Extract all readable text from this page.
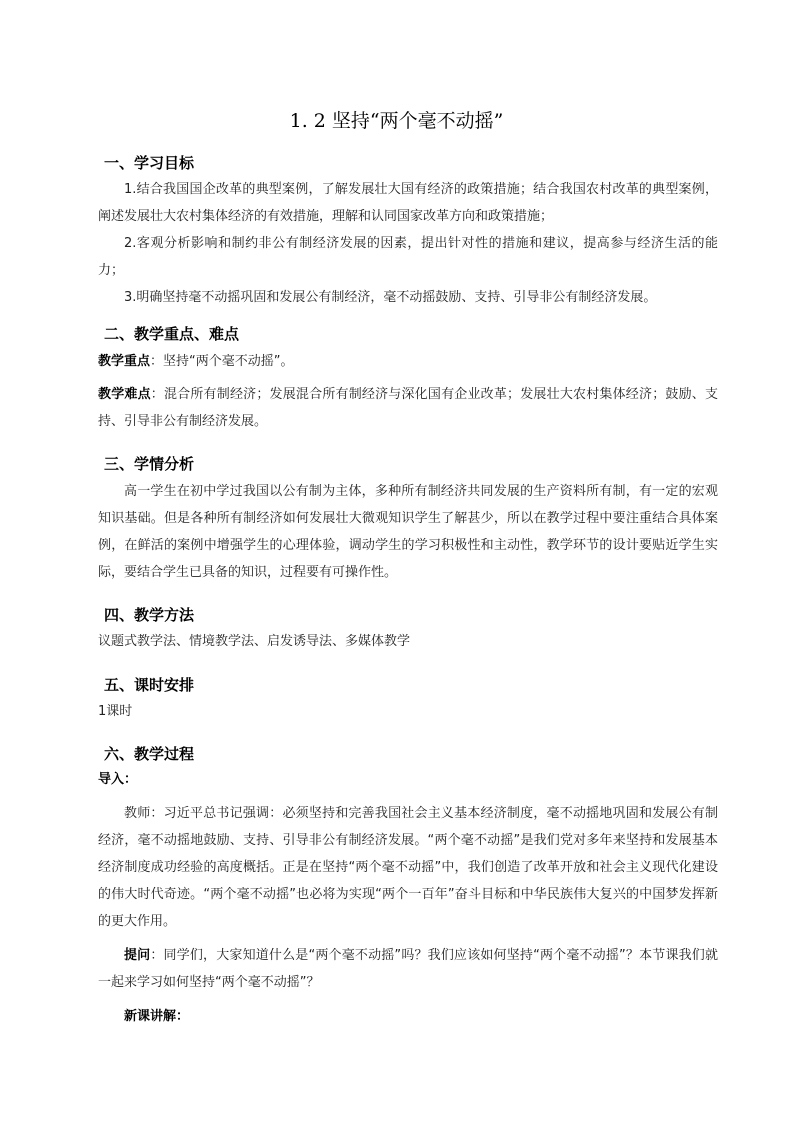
1. 2 坚持“两个毫不动摇”
一、学习目标
1.结合我国国企改革的典型案例，了解发展壮大国有经济的政策措施；结合我国农村改革的典型案例，阐述发展壮大农村集体经济的有效措施，理解和认同国家改革方向和政策措施；
2.客观分析影响和制约非公有制经济发展的因素，提出针对性的措施和建议，提高参与经济生活的能力；
3.明确坚持毫不动摇巩固和发展公有制经济，毫不动摇鼓励、支持、引导非公有制经济发展。
二、教学重点、难点
教学重点：坚持“两个毫不动摇”。
教学难点：混合所有制经济；发展混合所有制经济与深化国有企业改革；发展壮大农村集体经济；鼓励、支持、引导非公有制经济发展。
三、学情分析
高一学生在初中学过我国以公有制为主体，多种所有制经济共同发展的生产资料所有制，有一定的宏观知识基础。但是各种所有制经济如何发展壮大微观知识学生了解甚少，所以在教学过程中要注重结合具体案例，在鲜活的案例中增强学生的心理体验，调动学生的学习积极性和主动性，教学环节的设计要贴近学生实际，要结合学生已具备的知识，过程要有可操作性。
四、教学方法
议题式教学法、情境教学法、启发诱导法、多媒体教学
五、课时安排
1课时
六、教学过程
导入：
教师：习近平总书记强调：必须坚持和完善我国社会主义基本经济制度，毫不动摇地巩固和发展公有制经济，毫不动摇地鼓励、支持、引导非公有制经济发展。“两个毫不动摇”是我们党对多年来坚持和发展基本经济制度成功经验的高度概括。正是在坚持“两个毫不动摇”中，我们创造了改革开放和社会主义现代化建设的伟大时代奇迹。“两个毫不动摇”也必将为实现“两个一百年”奋斗目标和中华民族伟大复兴的中国梦发挥新的更大作用。
提问：同学们，大家知道什么是“两个毫不动摇”吗？我们应该如何坚持“两个毫不动摇”？本节课我们就一起来学习如何坚持“两个毫不动摇”？
新课讲解：
